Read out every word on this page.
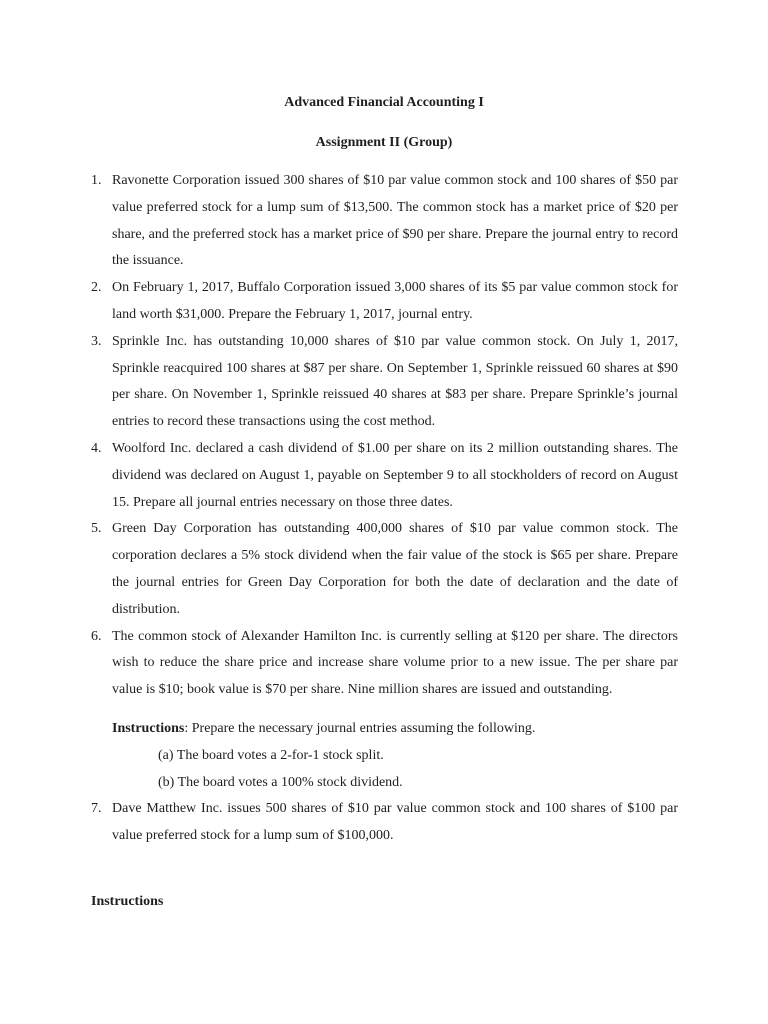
Advanced Financial Accounting I
Assignment II (Group)
1. Ravonette Corporation issued 300 shares of $10 par value common stock and 100 shares of $50 par value preferred stock for a lump sum of $13,500. The common stock has a market price of $20 per share, and the preferred stock has a market price of $90 per share. Prepare the journal entry to record the issuance.
2. On February 1, 2017, Buffalo Corporation issued 3,000 shares of its $5 par value common stock for land worth $31,000. Prepare the February 1, 2017, journal entry.
3. Sprinkle Inc. has outstanding 10,000 shares of $10 par value common stock. On July 1, 2017, Sprinkle reacquired 100 shares at $87 per share. On September 1, Sprinkle reissued 60 shares at $90 per share. On November 1, Sprinkle reissued 40 shares at $83 per share. Prepare Sprinkle’s journal entries to record these transactions using the cost method.
4. Woolford Inc. declared a cash dividend of $1.00 per share on its 2 million outstanding shares. The dividend was declared on August 1, payable on September 9 to all stockholders of record on August 15. Prepare all journal entries necessary on those three dates.
5. Green Day Corporation has outstanding 400,000 shares of $10 par value common stock. The corporation declares a 5% stock dividend when the fair value of the stock is $65 per share. Prepare the journal entries for Green Day Corporation for both the date of declaration and the date of distribution.
6. The common stock of Alexander Hamilton Inc. is currently selling at $120 per share. The directors wish to reduce the share price and increase share volume prior to a new issue. The per share par value is $10; book value is $70 per share. Nine million shares are issued and outstanding.
Instructions: Prepare the necessary journal entries assuming the following.
(a) The board votes a 2-for-1 stock split.
(b) The board votes a 100% stock dividend.
7. Dave Matthew Inc. issues 500 shares of $10 par value common stock and 100 shares of $100 par value preferred stock for a lump sum of $100,000.
Instructions
